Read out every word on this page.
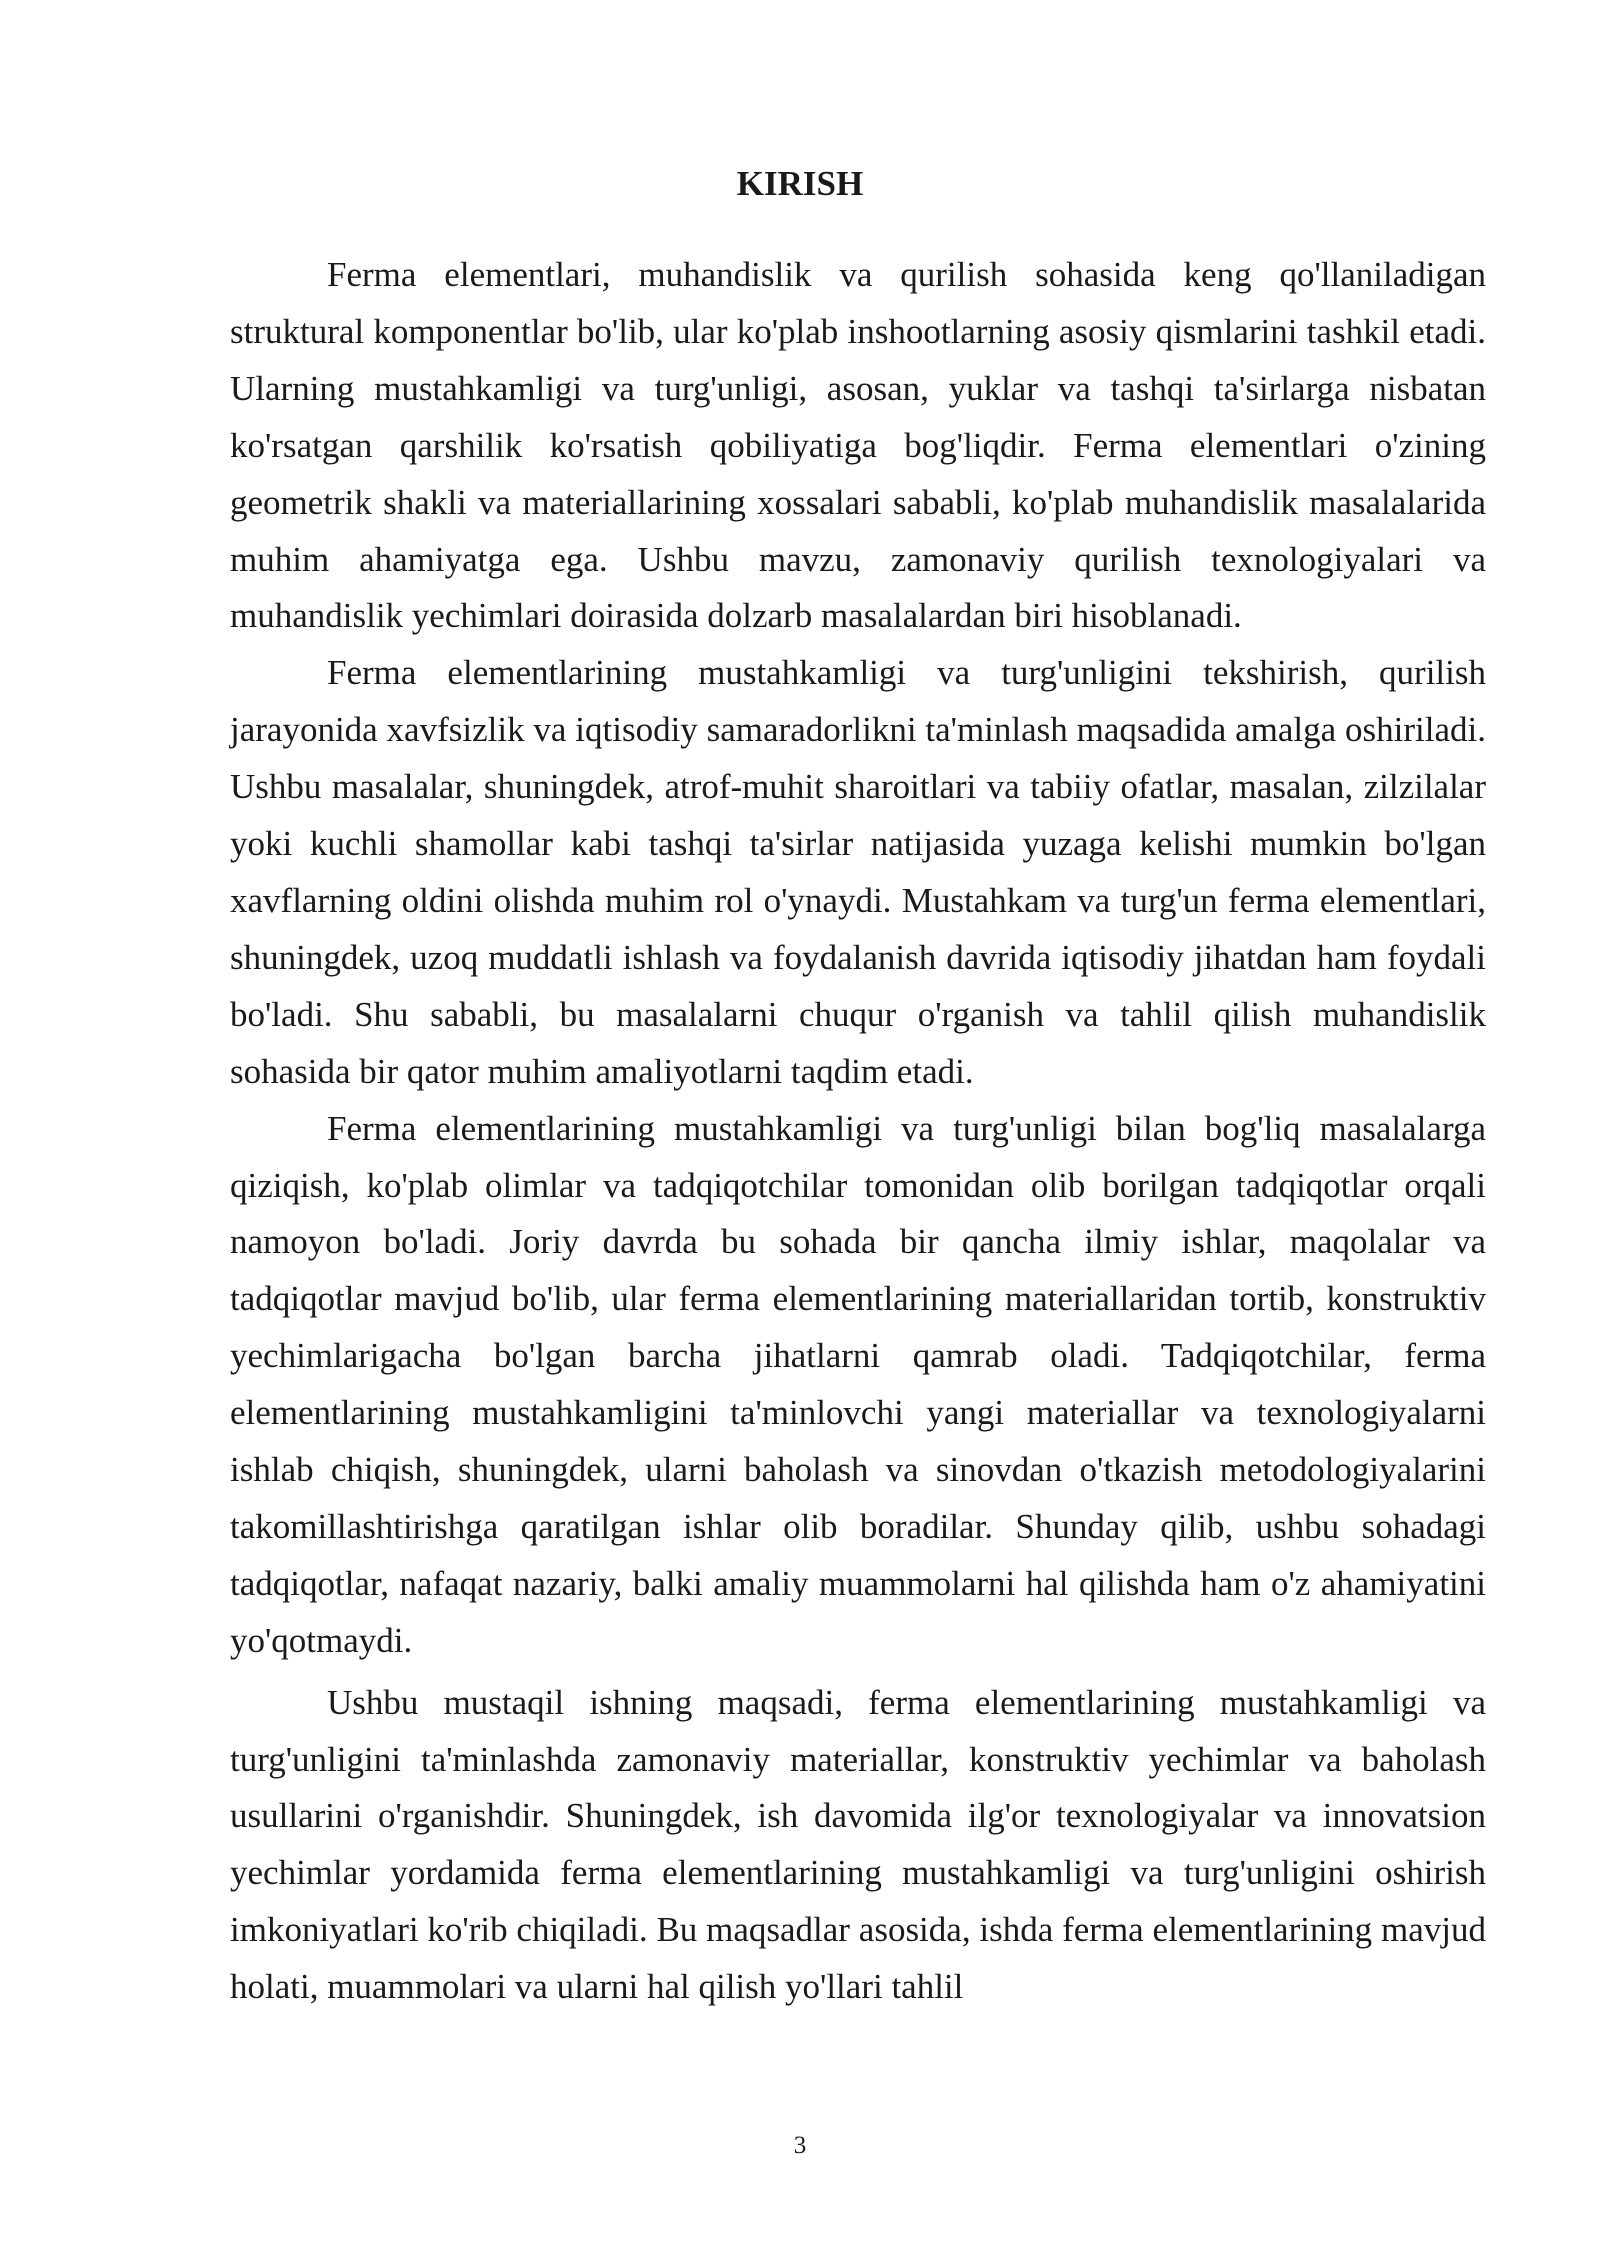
KIRISH

Ferma elementlari, muhandislik va qurilish sohasida keng qo'llaniladigan struktural komponentlar bo'lib, ular ko'plab inshootlarning asosiy qismlarini tashkil etadi. Ularning mustahkamligi va turg'unligi, asosan, yuklar va tashqi ta'sirlarga nisbatan ko'rsatgan qarshilik ko'rsatish qobiliyatiga bog'liqdir. Ferma elementlari o'zining geometrik shakli va materiallarining xossalari sababli, ko'plab muhandislik masalalarida muhim ahamiyatga ega. Ushbu mavzu, zamonaviy qurilish texnologiyalari va muhandislik yechimlari doirasida dolzarb masalalardan biri hisoblanadi.

Ferma elementlarining mustahkamligi va turg'unligini tekshirish, qurilish jarayonida xavfsizlik va iqtisodiy samaradorlikni ta'minlash maqsadida amalga oshiriladi. Ushbu masalalar, shuningdek, atrof-muhit sharoitlari va tabiiy ofatlar, masalan, zilzilalar yoki kuchli shamollar kabi tashqi ta'sirlar natijasida yuzaga kelishi mumkin bo'lgan xavflarning oldini olishda muhim rol o'ynaydi. Mustahkam va turg'un ferma elementlari, shuningdek, uzoq muddatli ishlash va foydalanish davrida iqtisodiy jihatdan ham foydali bo'ladi. Shu sababli, bu masalalarni chuqur o'rganish va tahlil qilish muhandislik sohasida bir qator muhim amaliyotlarni taqdim etadi.

Ferma elementlarining mustahkamligi va turg'unligi bilan bog'liq masalalarga qiziqish, ko'plab olimlar va tadqiqotchilar tomonidan olib borilgan tadqiqotlar orqali namoyon bo'ladi. Joriy davrda bu sohada bir qancha ilmiy ishlar, maqolalar va tadqiqotlar mavjud bo'lib, ular ferma elementlarining materiallaridan tortib, konstruktiv yechimlarigacha bo'lgan barcha jihatlarni qamrab oladi. Tadqiqotchilar, ferma elementlarining mustahkamligini ta'minlovchi yangi materiallar va texnologiyalarni ishlab chiqish, shuningdek, ularni baholash va sinovdan o'tkazish metodologiyalarini takomillashtirishga qaratilgan ishlar olib boradilar. Shunday qilib, ushbu sohadagi tadqiqotlar, nafaqat nazariy, balki amaliy muammolarni hal qilishda ham o'z ahamiyatini yo'qotmaydi.

Ushbu mustaqil ishning maqsadi, ferma elementlarining mustahkamligi va turg'unligini ta'minlashda zamonaviy materiallar, konstruktiv yechimlar va baholash usullarini o'rganishdir. Shuningdek, ish davomida ilg'or texnologiyalar va innovatsion yechimlar yordamida ferma elementlarining mustahkamligi va turg'unligini oshirish imkoniyatlari ko'rib chiqiladi. Bu maqsadlar asosida, ishda ferma elementlarining mavjud holati, muammolari va ularni hal qilish yo'llari tahlil

3
